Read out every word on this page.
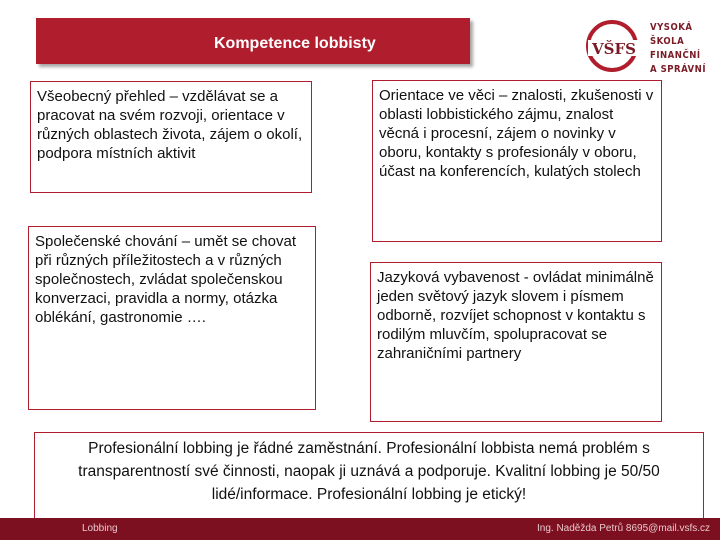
Kompetence lobbisty	VŠFS
VYSOKÁ ŠKOLA
FINANČNÍ
A SPRÁVNÍ
Všeobecný přehled – vzdělávat se a pracovat na svém rozvoji, orientace v různých oblastech života, zájem o okolí, podpora místních aktivit
Orientace ve věci – znalosti, zkušenosti v oblasti lobbistického zájmu, znalost věcná i procesní, zájem o novinky v oboru, kontakty s profesionály v oboru, účast na konferencích, kulatých stolech
Společenské chování – umět se chovat při různých příležitostech a v různých společnostech, zvládat společenskou konverzaci, pravidla a normy, otázka oblékání, gastronomie ….
Jazyková vybavenost - ovládat minimálně jeden světový jazyk slovem i písmem odborně, rozvíjet schopnost v kontaktu s rodilým mluvčím, spolupracovat se zahraničními partnery
Profesionální lobbing je řádné zaměstnání. Profesionální lobbista nemá problém s transparentností své činnosti, naopak ji uznává a podporuje. Kvalitní lobbing je 50/50 lidé/informace. Profesionální lobbing je etický!
Lobbing	Ing. Naděžda Petrů 8695@mail.vsfs.cz
